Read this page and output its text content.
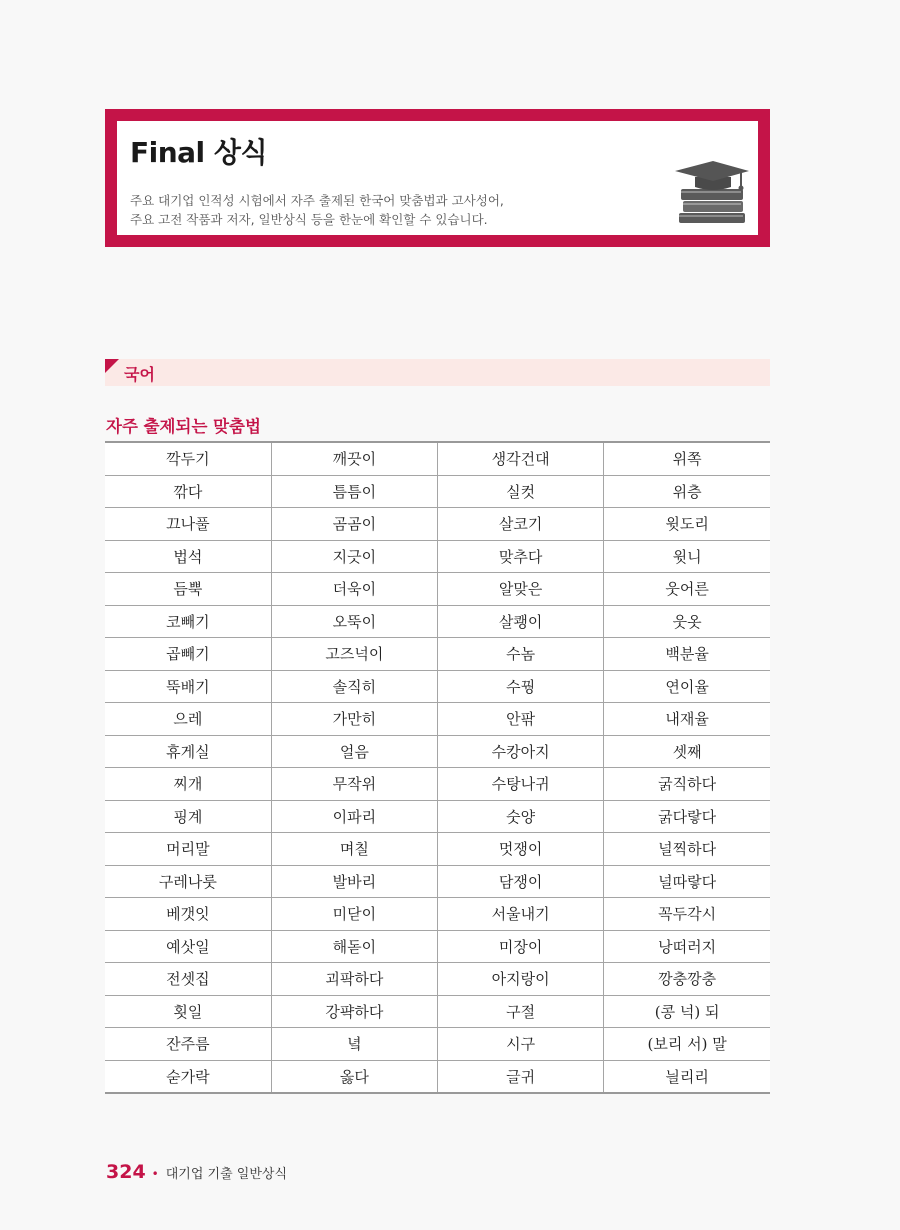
Final 상식
주요 대기업 인적성 시험에서 자주 출제된 한국어 맞춤법과 고사성어,
주요 고전 작품과 저자, 일반상식 등을 한눈에 확인할 수 있습니다.
국어
자주 출제되는 맞춤법
깍두기	깨끗이	생각건대	위쪽
깎다	틈틈이	실컷	위층
끄나풀	곰곰이	살코기	윗도리
법석	지긋이	맞추다	윗니
듬뿍	더욱이	알맞은	웃어른
코빼기	오뚝이	살쾡이	웃옷
곱빼기	고즈넉이	수놈	백분율
뚝배기	솔직히	수꿩	연이율
으레	가만히	안팎	내재율
휴게실	얼음	수캉아지	셋째
찌개	무작위	수탕나귀	굵직하다
핑계	이파리	숫양	굵다랗다
머리말	며칠	멋쟁이	널찍하다
구레나룻	발바리	담쟁이	널따랗다
베갯잇	미닫이	서울내기	꼭두각시
예삿일	해돋이	미장이	낭떠러지
전셋집	괴팍하다	아지랑이	깡충깡충
횟일	강퍅하다	구절	(콩 넉) 되
잔주름	녘	시구	(보리 서) 말
숟가락	옳다	글귀	늴리리
324 • 대기업 기출 일반상식
